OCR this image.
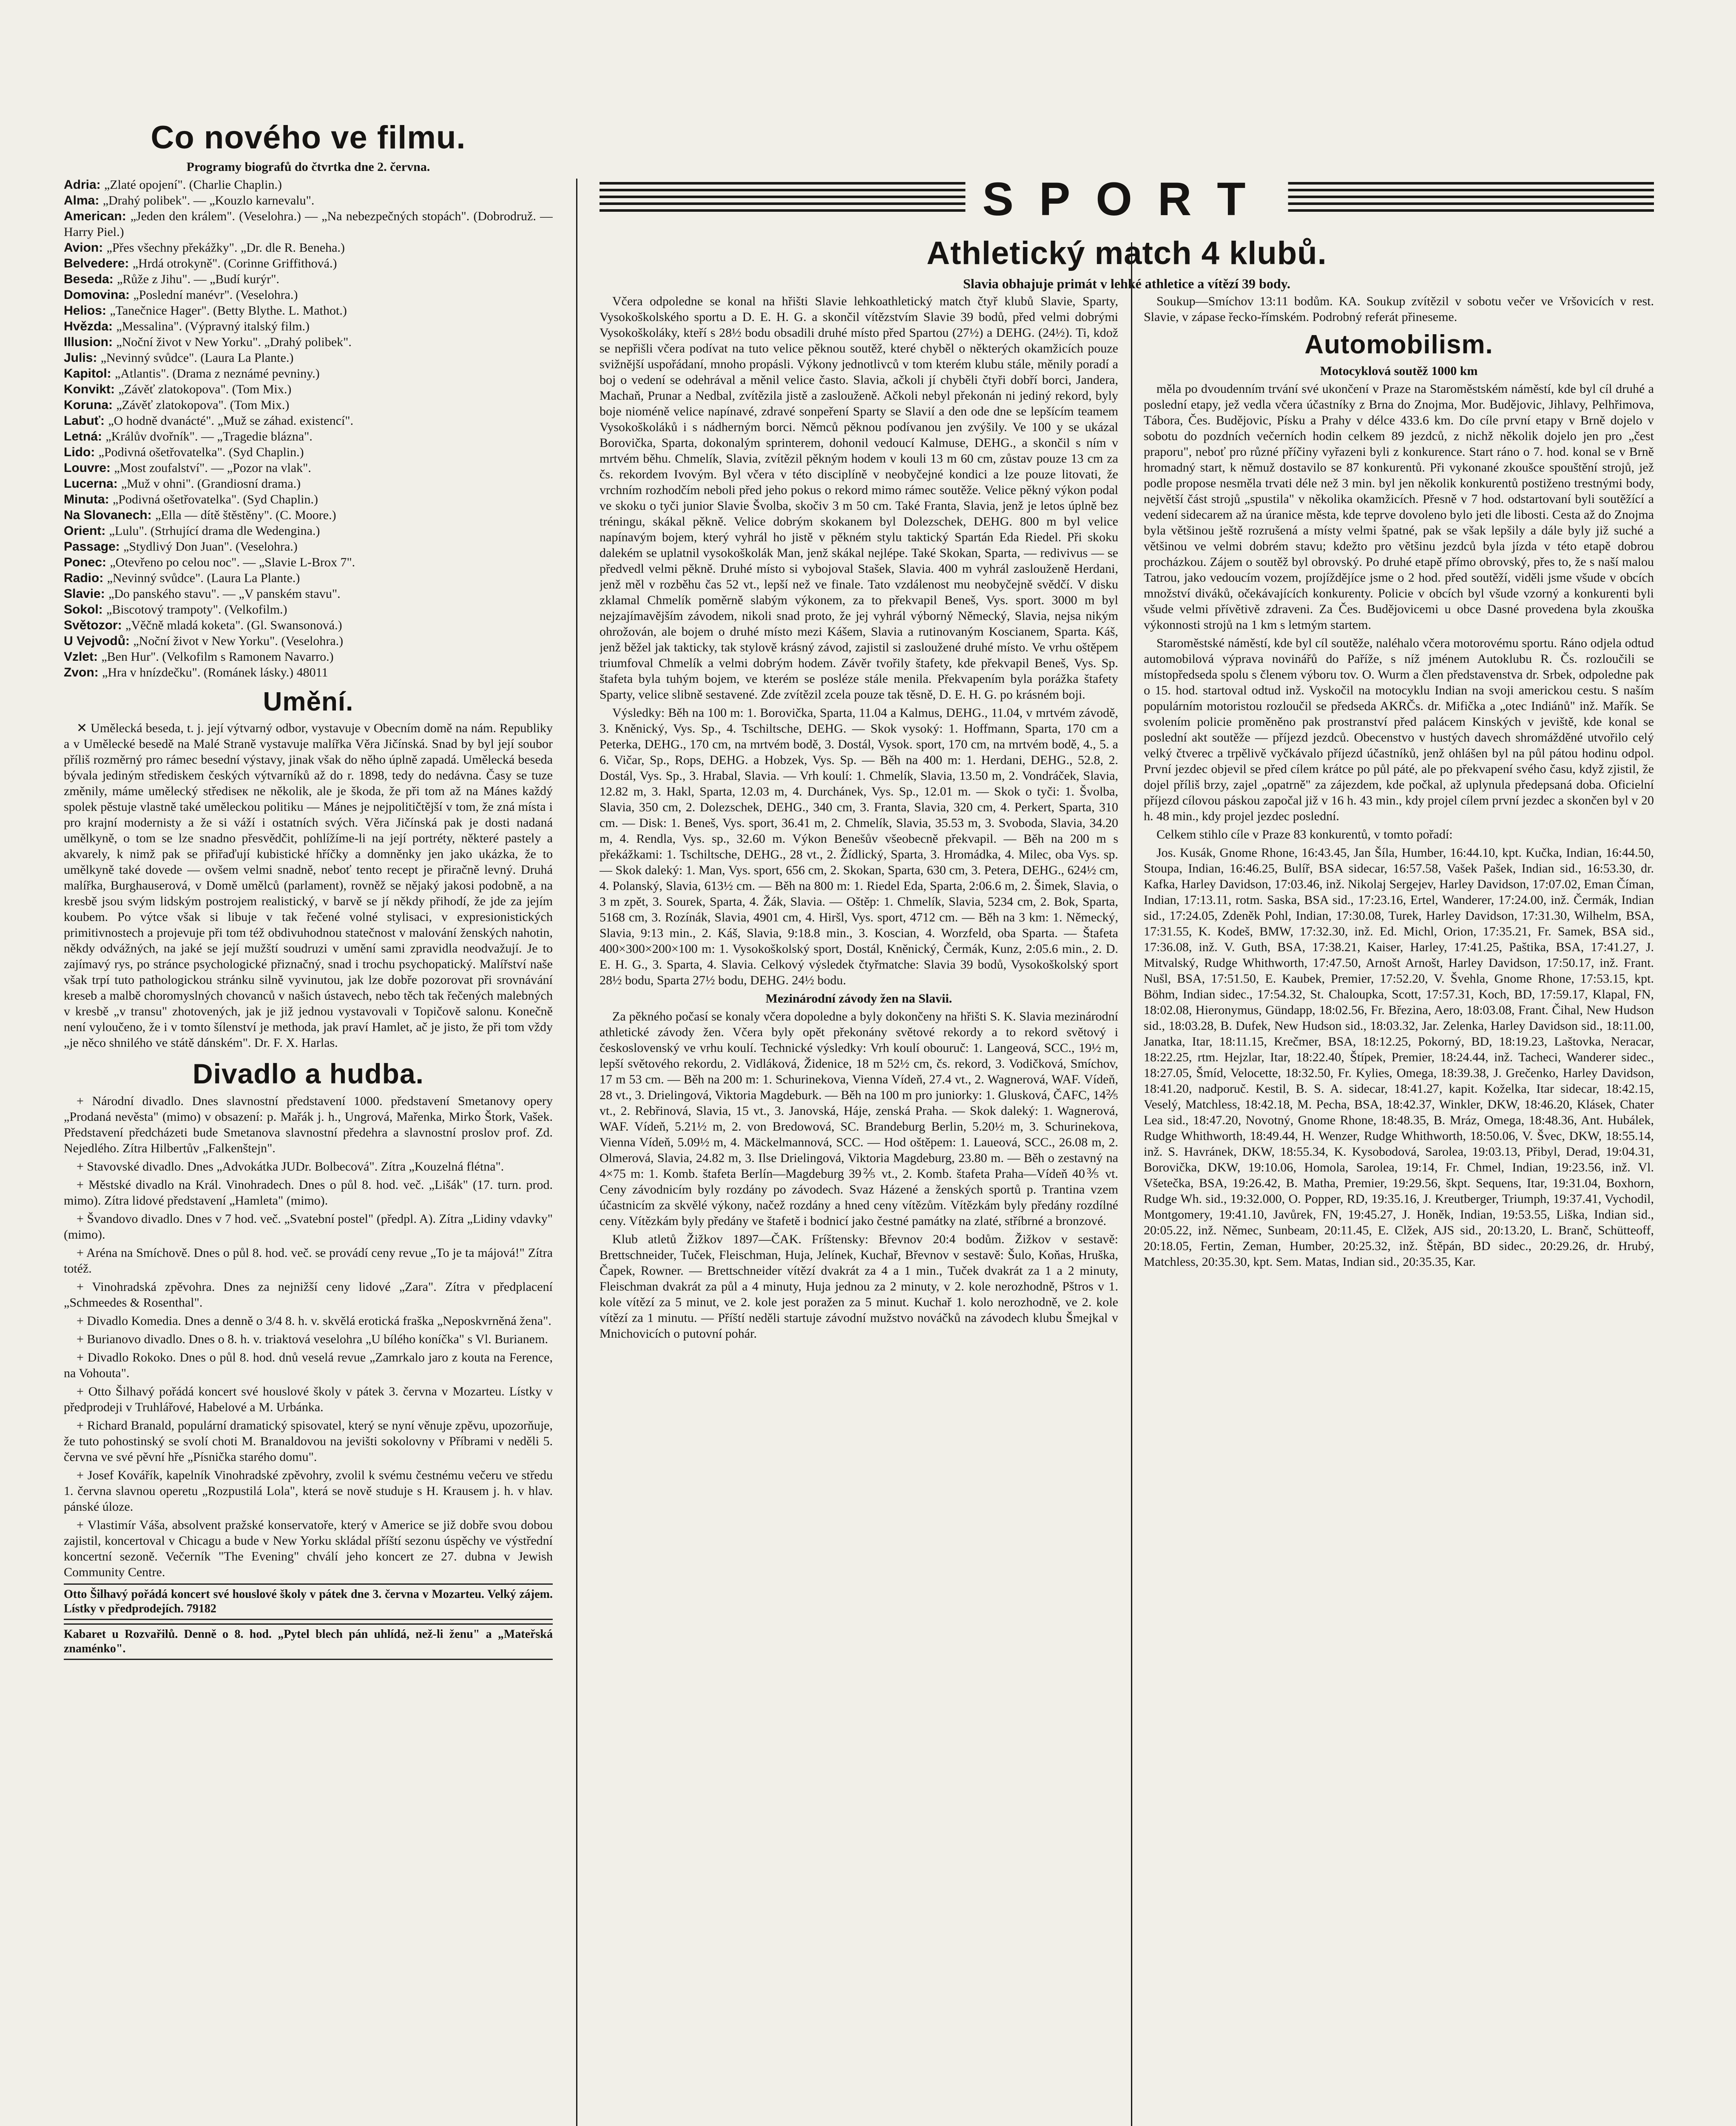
Co nového ve filmu.
Programy biografů do čtvrtka dne 2. června.
Adria: „Zlaté opojení". (Charlie Chaplin.)
Alma: „Drahý polibek". — „Kouzlo karnevalu".
American: „Jeden den králem". (Veselohra.) — „Na nebezpečných stopách". (Dobrodruž. — Harry Piel.)
Avion: „Přes všechny překážky". „Dr. dle R. Beneha.)
Belvedere: „Hrdá otrokyně". (Corinne Griffithová.)
Beseda: „Růže z Jihu". — „Budí kurýr".
Domovina: „Poslední manévr". (Veselohra.)
Helios: „Tanečnice Hager". (Betty Blythe. L. Mathot.)
Hvězda: „Messalina". (Výpravný italský film.)
Illusion: „Noční život v New Yorku". „Drahý polibek".
Julis: „Nevinný svůdce". (Laura La Plante.)
Kapitol: „Atlantis". (Drama z neznámé pevniny.)
Konvikt: „Závěť zlatokopova". (Tom Mix.)
Koruna: „Závěť zlatokopova". (Tom Mix.)
Labuť: „O hodně dvanácté". „Muž se záhad. existencí".
Letná: „Králův dvořník". — „Tragedie blázna".
Lido: „Podivná ošetřovatelka". (Syd Chaplin.)
Louvre: „Most zoufalství". — „Pozor na vlak".
Lucerna: „Muž v ohni". (Grandiosní drama.)
Minuta: „Podivná ošetřovatelka". (Syd Chaplin.)
Na Slovanech: „Ella — dítě štěstěny". (C. Moore.)
Orient: „Lulu". (Strhující drama dle Wedengina.)
Passage: „Stydlivý Don Juan". (Veselohra.)
Ponec: „Otevřeno po celou noc". — „Slavie L-Brox 7".
Radio: „Nevinný svůdce". (Laura La Plante.)
Slavie: „Do panského stavu". — „V panském stavu".
Sokol: „Biscotový trampoty". (Velkofilm.)
Světozor: „Věčně mladá koketa". (Gl. Swansonová.)
U Vejvodů: „Noční život v New Yorku". (Veselohra.)
Vzlet: „Ben Hur". (Velkofilm s Ramonem Navarro.)
Zvon: „Hra v hnízdečku". (Románek lásky.) 48011
Umění.

✕ Umělecká beseda, t. j. její výtvarný odbor, vystavuje v Obecním domě na nám. Republiky a v Umělecké besedě na Malé Straně vystavuje malířka Věra Jičínská. Snad by byl její soubor příliš rozměrný pro rámec besední výstavy, jinak však do něho úplně zapadá. Umělecká beseda bývala jediným střediskem českých výtvarníků až do r. 1898, tedy do nedávna. Časy se tuze změnily, máme umělecký střediseк ne několik, ale je škoda, že při tom až na Mánes každý spolek pěstuje vlastně také uměleckou politiku — Mánes je nejpolitičtější v tom, že zná místa i pro krajní modernisty a že si váží i ostatních svých. Věra Jičínská pak je dosti nadaná umělkyně, o tom se lze snadno přesvědčit, pohlížíme-li na její portréty, některé pastely a akvarely, k nimž pak se přiřaďují kubistické hříčky a domněnky jen jako ukázka, že to umělkyně také dovede — ovšem velmi snadně, neboť tento recept je přiračně levný. Druhá malířka, Burghauserová, v Domě umělců (parlament), rovněž se nějaký jakosi podobně, a na kresbě jsou svým lidským postrojem realistický, v barvě se jí někdy přihodí, že jde za jejím koubem. Po výtce však si libuje v tak řečené volné stylisaci, v expresionistických primitivnostech a projevuje při tom též obdivuhodnou statečnost v malování ženských nahotin, někdy odvážných, na jaké se její mužští soudruzi v umění sami zpravidla neodvažují. Je to zajímavý rys, po stránce psychologické přiznačný, snad i trochu psychopatický. Malířství naše však trpí tuto pathologickou stránku silně vyvinutou, jak lze dobře pozorovat při srovnávání kreseb a malbě choromyslných chovanců v našich ústavech, nebo těch tak řečených malebných v kresbě „v transu" zhotovených, jak je již jednou vystavovali v Topičově salonu. Konečně není vyloučeno, že i v tomto šílenství je methoda, jak praví Hamlet, ač je jisto, že při tom vždy „je něco shnilého ve státě dánském". Dr. F. X. Harlas.

Divadlo a hudba.

+ Národní divadlo. Dnes slavnostní představení 1000. představení Smetanovy opery „Prodaná nevěsta" (mimo) v obsazení: p. Mařák j. h., Ungrová, Mařenka, Mirko Štork, Vašek. Představení předcházeti bude Smetanova slavnostní předehra a slavnostní proslov prof. Zd. Nejedlého. Zítra Hilbertův „Falkenštejn".

+ Stavovské divadlo. Dnes „Advokátka JUDr. Bolbecová". Zítra „Kouzelná flétna".

+ Městské divadlo na Král. Vinohradech. Dnes o půl 8. hod. več. „Lišák" (17. turn. prod. mimo). Zítra lidové představení „Hamleta" (mimo).

+ Švandovo divadlo. Dnes v 7 hod. več. „Svatební postel" (předpl. A). Zítra „Lidiny vdavky" (mimo).

+ Aréna na Smíchově. Dnes o půl 8. hod. več. se provádí ceny revue „To je ta májová!" Zítra totéž.

+ Vinohradská zpěvohra. Dnes za nejnižší ceny lidové „Zara". Zítra v předplacení „Schmeedes & Rosenthal".

+ Divadlo Komedia. Dnes a denně o 3/4 8. h. v. skvělá erotická fraška „Neposkvrněná žena".

+ Burianovo divadlo. Dnes o 8. h. v. triaktová veselohra „U bílého koníčka" s Vl. Burianem.

+ Divadlo Rokoko. Dnes o půl 8. hod. dnů veselá revue „Zamrkalo jaro z kouta na Ference, na Vohouta".

+ Otto Šilhavý pořádá koncert své houslové školy v pátek 3. června v Mozarteu. Lístky v předprodeji v Truhlářové, Habelové a M. Urbánka.

+ Richard Branald, populární dramatický spisovatel, který se nyní věnuje zpěvu, upozorňuje, že tuto pohostinský se svolí choti M. Branaldovou na jevišti sokolovny v Příbrami v neděli 5. června ve své pěvní hře „Písnička starého domu".

+ Josef Kovářík, kapelník Vinohradské zpěvohry, zvolil k svému čestnému večeru ve středu 1. června slavnou operetu „Rozpustilá Lola", která se nově studuje s H. Krausem j. h. v hlav. pánské úloze.

+ Vlastimír Váša, absolvent pražské konservatoře, který v Americe se již dobře svou dobou zajistil, koncertoval v Chicagu a bude v New Yorku skládal příští sezonu úspěchy ve výstřední koncertní sezoně. Večerník "The Evening" chválí jeho koncert ze 27. dubna v Jewish Community Centre.

Otto Šilhavý pořádá koncert své houslové školy v pátek dne 3. června v Mozarteu. Velký zájem. Lístky v předprodejích. 79182
Kabaret u Rozvařilů. Denně o 8. hod. „Pytel blech pán uhlídá, než-li ženu" a „Mateřská znaménko".
SPORT
Athletický match 4 klubů.
Slavia obhajuje primát v lehké athletice a vítězí 39 body.

Včera odpoledne se konal na hřišti Slavie lehkoathletický match čtyř klubů Slavie, Sparty, Vysokoškolského sportu a D. E. H. G. a skončil vítězstvím Slavie 39 bodů, před velmi dobrými Vysokoškoláky, kteří s 28½ bodu obsadili druhé místo před Spartou (27½) a DEHG. (24½). Ti, kdož se nepřišli včera podívat na tuto velice pěknou soutěž, které chyběl o některých okamžicích pouze svižnější uspořádaní, mnoho propásli. Výkony jednotlivců v tom kterém klubu stále, měnily poradí a boj o vedení se odehrával a měnil velice často. Slavia, ačkoli jí chyběli čtyři dobří borci, Jandera, Machaň, Prunar a Nedbal, zvítězila jistě a zaslouženě. Ačkoli nebyl překonán ni jediný rekord, byly boje nioméně velice napínavé, zdravé sonpeření Sparty se Slavií a den ode dne se lepšícím teamem Vysokoškoláků i s nádherným borci. Němců pěknou podívanou jen zvýšily. Ve 100 y se ukázal Borovička, Sparta, dokonalým sprinterem, dohonil vedoucí Kalmuse, DEHG., a skončil s ním v mrtvém běhu. Chmelík, Slavia, zvítězil pěkným hodem v kouli 13 m 60 cm, zůstav pouze 13 cm za čs. rekordem Ivovým. Byl včera v této disciplíně v neobyčejné kondici a lze pouze litovati, že vrchním rozhodčím neboli před jeho pokus o rekord mimo rámec soutěže. Velice pěkný výkon podal ve skoku o tyči junior Slavie Švolba, skočiv 3 m 50 cm. Také Franta, Slavia, jenž je letos úplně bez tréningu, skákal pěkně. Velice dobrým skokanem byl Dolezschek, DEHG. 800 m byl velice napínavým bojem, který vyhrál ho jistě v pěkném stylu taktický Spartán Eda Riedel. Při skoku dalekém se uplatnil vysokoškolák Man, jenž skákal nejlépe. Také Skokan, Sparta, — redivivus — se předvedl velmi pěkně. Druhé místo si vybojoval Stašek, Slavia. 400 m vyhrál zaslouženě Herdani, jenž měl v rozběhu čas 52 vt., lepší než ve finale. Tato vzdálenost mu neobyčejně svědčí. V disku zklamal Chmelík poměrně slabým výkonem, za to překvapil Beneš, Vys. sport. 3000 m byl nejzajímavějším závodem, nikoli snad proto, že jej vyhrál výborný Německý, Slavia, nejsa nikým ohrožován, ale bojem o druhé místo mezi Kášem, Slavia a rutinovaným Koscianem, Sparta. Káš, jenž běžel jak takticky, tak stylově krásný závod, zajistil si zasloužené druhé místo. Ve vrhu oštěpem triumfoval Chmelík a velmi dobrým hodem. Závěr tvořily štafety, kde překvapil Beneš, Vys. Sp. štafeta byla tuhým bojem, ve kterém se posléze stále menila. Překvapením byla porážka štafety Sparty, velice slibně sestavené. Zde zvítězil zcela pouze tak těsně, D. E. H. G. po krásném boji.

Výsledky: Běh na 100 m: 1. Borovička, Sparta, 11.04 a Kalmus, DEHG., 11.04, v mrtvém závodě, 3. Kněnický, Vys. Sp., 4. Tschiltsche, DEHG. — Skok vysoký: 1. Hoffmann, Sparta, 170 cm a Peterka, DEHG., 170 cm, na mrtvém bodě, 3. Dostál, Vysok. sport, 170 cm, na mrtvém bodě, 4., 5. a 6. Vičar, Sp., Rops, DEHG. a Hobzek, Vys. Sp. — Běh na 400 m: 1. Herdani, DEHG., 52.8, 2. Dostál, Vys. Sp., 3. Hrabal, Slavia. — Vrh koulí: 1. Chmelík, Slavia, 13.50 m, 2. Vondráček, Slavia, 12.82 m, 3. Hakl, Sparta, 12.03 m, 4. Durchánek, Vys. Sp., 12.01 m. — Skok o tyči: 1. Švolba, Slavia, 350 cm, 2. Dolezschek, DEHG., 340 cm, 3. Franta, Slavia, 320 cm, 4. Perkert, Sparta, 310 cm. — Disk: 1. Beneš, Vys. sport, 36.41 m, 2. Chmelík, Slavia, 35.53 m, 3. Svoboda, Slavia, 34.20 m, 4. Rendla, Vys. sp., 32.60 m. Výkon Benešův všeobecně překvapil. — Běh na 200 m s překážkami: 1. Tschiltsche, DEHG., 28 vt., 2. Žídlický, Sparta, 3. Hromádka, 4. Milec, oba Vys. sp. — Skok daleký: 1. Man, Vys. sport, 656 cm, 2. Skokan, Sparta, 630 cm, 3. Petera, DEHG., 624½ cm, 4. Polanský, Slavia, 613½ cm. — Běh na 800 m: 1. Riedel Eda, Sparta, 2:06.6 m, 2. Šimek, Slavia, o 3 m zpět, 3. Sourek, Sparta, 4. Žák, Slavia. — Oštěp: 1. Chmelík, Slavia, 5234 cm, 2. Bok, Sparta, 5168 cm, 3. Rozínák, Slavia, 4901 cm, 4. Hiršl, Vys. sport, 4712 cm. — Běh na 3 km: 1. Německý, Slavia, 9:13 min., 2. Káš, Slavia, 9:18.8 min., 3. Koscian, 4. Worzfeld, oba Sparta. — Štafeta 400×300×200×100 m: 1. Vysokoškolský sport, Dostál, Kněnický, Čermák, Kunz, 2:05.6 min., 2. D. E. H. G., 3. Sparta, 4. Slavia. Celkový výsledek čtyřmatche: Slavia 39 bodů, Vysokoškolský sport 28½ bodu, Sparta 27½ bodu, DEHG. 24½ bodu.

Mezinárodní závody žen na Slavii.

Za pěkného počasí se konaly včera dopoledne a byly dokončeny na hřišti S. K. Slavia mezinárodní athletické závody žen. Včera byly opět překonány světové rekordy a to rekord světový i československý ve vrhu koulí. Technické výsledky: Vrh koulí obouruč: 1. Langeová, SCC., 19½ m, lepší světového rekordu, 2. Vidláková, Židenice, 18 m 52½ cm, čs. rekord, 3. Vodičková, Smíchov, 17 m 53 cm. — Běh na 200 m: 1. Schurinekova, Vienna Vídeň, 27.4 vt., 2. Wagnerová, WAF. Vídeň, 28 vt., 3. Drielingová, Viktoria Magdeburk. — Běh na 100 m pro juniorky: 1. Glusková, ČAFC, 14⅖ vt., 2. Rebřinová, Slavia, 15 vt., 3. Janovská, Háje, zenská Praha. — Skok daleký: 1. Wagnerová, WAF. Vídeň, 5.21½ m, 2. von Bredowová, SC. Brandeburg Berlin, 5.20½ m, 3. Schurinekova, Vienna Vídeň, 5.09½ m, 4. Mäckelmannová, SCC. — Hod oštěpem: 1. Laueová, SCC., 26.08 m, 2. Olmerová, Slavia, 24.82 m, 3. Ilse Drielingová, Viktoria Magdeburg, 23.80 m. — Běh o zestavný na 4×75 m: 1. Komb. štafeta Berlín—Magdeburg 39⅖ vt., 2. Komb. štafeta Praha—Vídeň 40⅗ vt. Ceny závodnicím byly rozdány po závodech. Svaz Házené a ženských sportů p. Trantina vzem účastnicím za skvělé výkony, načež rozdány a hned ceny vítězům. Vítězkám byly předány rozdílné ceny. Vítězkám byly předány ve štafetě i bodnicí jako čestné památky na zlaté, stříbrné a bronzové.

Klub atletů Žižkov 1897—ČAK. Fríštensky: Břevnov 20:4 bodům. Žižkov v sestavě: Brettschneider, Tuček, Fleischman, Huja, Jelínek, Kuchař, Břevnov v sestavě: Šulo, Koňas, Hruška, Čapek, Rowner. — Brettschneider vítězí dvakrát za 4 a 1 min., Tuček dvakrát za 1 a 2 minuty, Fleischman dvakrát za půl a 4 minuty, Huja jednou za 2 minuty, v 2. kole nerozhodně, Pštros v 1. kole vítězí za 5 minut, ve 2. kole jest poražen za 5 minut. Kuchař 1. kolo nerozhodně, ve 2. kole vítězí za 1 minutu. — Příští neděli startuje závodní mužstvo nováčků na závodech klubu Šmejkal v Mnichovicích o putovní pohár.

Soukup—Smíchov 13:11 bodům. KA. Soukup zvítězil v sobotu večer ve Vršovicích v rest. Slavie, v zápase řecko-římském. Podrobný referát přineseme.

Automobilism.
Motocyklová soutěž 1000 km

měla po dvoudenním trvání své ukončení v Praze na Staroměstském náměstí, kde byl cíl druhé a poslední etapy, jež vedla včera účastníky z Brna do Znojma, Mor. Budějovic, Jihlavy, Pelhřimova, Tábora, Čes. Budějovic, Písku a Prahy v délce 433.6 km. Do cíle první etapy v Brně dojelo v sobotu do pozdních večerních hodin celkem 89 jezdců, z nichž několik dojelo jen pro „čest praporu", neboť pro různé příčiny vyřazeni byli z konkurence. Start ráno o 7. hod. konal se v Brně hromadný start, k němuž dostavilo se 87 konkurentů. Při vykonané zkoušce spouštění strojů, jež podle propose nesměla trvati déle než 3 min. byl jen několik konkurentů postiženo trestnými body, největší část strojů „spustila" v několika okamžicích. Přesně v 7 hod. odstartovaní byli soutěžící a vedení sidecarem až na úranice města, kde teprve dovoleno bylo jeti dle libosti. Cesta až do Znojma byla většinou ještě rozrušená a místy velmi špatné, pak se však lepšily a dále byly již suché a většinou ve velmi dobrém stavu; kdežto pro většinu jezdců byla jízda v této etapě dobrou procházkou. Zájem o soutěž byl obrovský. Po druhé etapě přímo obrovský, přes to, že s naší malou Tatrou, jako vedoucím vozem, projíždějíce jsme o 2 hod. před soutěží, viděli jsme všude v obcích množství diváků, očekávajících konkurenty. Policie v obcích byl všude vzorný a konkurenti byli všude velmi přívětivě zdraveni. Za Čes. Budějovicemi u obce Dasné provedena byla zkouška výkonnosti strojů na 1 km s letmým startem.

Staroměstské náměstí, kde byl cíl soutěže, naléhalo včera motorovému sportu. Ráno odjela odtud automobilová výprava novinářů do Paříže, s níž jménem Autoklubu R. Čs. rozloučili se místopředseda spolu s členem výboru tov. O. Wurm a člen představenstva dr. Srbek, odpoledne pak o 15. hod. startoval odtud inž. Vyskočil na motocyklu Indian na svoji americkou cestu. S naším populárním motoristou rozloučil se předseda AKRČs. dr. Mifička a „otec Indiánů" inž. Mařík. Se svolením policie proměněno pak prostranství před palácem Kinských v jeviště, kde konal se poslední akt soutěže — příjezd jezdců. Obecenstvo v hustých davech shromážděné utvořilo celý velký čtverec a trpělivě vyčkávalo příjezd účastníků, jenž ohlášen byl na půl pátou hodinu odpol. První jezdec objevil se před cílem krátce po půl páté, ale po překvapení svého času, když zjistil, že dojel příliš brzy, zajel „opatrně" za zájezdem, kde počkal, až uplynula předepsaná doba. Oficielní příjezd cílovou páskou započal již v 16 h. 43 min., kdy projel cílem první jezdec a skončen byl v 20 h. 48 min., kdy projel jezdec poslední.

Celkem stihlo cíle v Praze 83 konkurentů, v tomto pořadí:

Jos. Kusák, Gnome Rhone, 16:43.45, Jan Šíla, Humber, 16:44.10, kpt. Kučka, Indian, 16:44.50, Stoupa, Indian, 16:46.25, Bulíř, BSA sidecar, 16:57.58, Vašek Pašek, Indian sid., 16:53.30, dr. Kafka, Harley Davidson, 17:03.46, inž. Nikolaj Sergejev, Harley Davidson, 17:07.02, Eman Číman, Indian, 17:13.11, rotm. Saska, BSA sid., 17:23.16, Ertel, Wanderer, 17:24.00, inž. Čermák, Indian sid., 17:24.05, Zdeněk Pohl, Indian, 17:30.08, Turek, Harley Davidson, 17:31.30, Wilhelm, BSA, 17:31.55, K. Kodeš, BMW, 17:32.30, inž. Ed. Michl, Orion, 17:35.21, Fr. Samek, BSA sid., 17:36.08, inž. V. Guth, BSA, 17:38.21, Kaiser, Harley, 17:41.25, Paštika, BSA, 17:41.27, J. Mitvalský, Rudge Whithworth, 17:47.50, Arnošt Arnošt, Harley Davidson, 17:50.17, inž. Frant. Nušl, BSA, 17:51.50, E. Kaubek, Premier, 17:52.20, V. Švehla, Gnome Rhone, 17:53.15, kpt. Böhm, Indian sidec., 17:54.32, St. Chaloupka, Scott, 17:57.31, Koch, BD, 17:59.17, Klapal, FN, 18:02.08, Hieronymus, Gündapp, 18:02.56, Fr. Březina, Aero, 18:03.08, Frant. Čihal, New Hudson sid., 18:03.28, B. Dufek, New Hudson sid., 18:03.32, Jar. Zelenka, Harley Davidson sid., 18:11.00, Janatka, Itar, 18:11.15, Krečmer, BSA, 18:12.25, Pokorný, BD, 18:19.23, Laštovka, Neracar, 18:22.25, rtm. Hejzlar, Itar, 18:22.40, Štípek, Premier, 18:24.44, inž. Tacheci, Wanderer sidec., 18:27.05, Šmíd, Velocette, 18:32.50, Fr. Kylies, Omega, 18:39.38, J. Grečenko, Harley Davidson, 18:41.20, nadporuč. Kestil, B. S. A. sidecar, 18:41.27, kapit. Koželka, Itar sidecar, 18:42.15, Veselý, Matchless, 18:42.18, M. Pecha, BSA, 18:42.37, Winkler, DKW, 18:46.20, Klásek, Chater Lea sid., 18:47.20, Novotný, Gnome Rhone, 18:48.35, B. Mráz, Omega, 18:48.36, Ant. Hubálek, Rudge Whithworth, 18:49.44, H. Wenzer, Rudge Whithworth, 18:50.06, V. Švec, DKW, 18:55.14, inž. S. Havránek, DKW, 18:55.34, K. Kysobodová, Sarolea, 19:03.13, Přibyl, Derad, 19:04.31, Borovička, DKW, 19:10.06, Homola, Sarolea, 19:14, Fr. Chmel, Indian, 19:23.56, inž. Vl. Všetečka, BSA, 19:26.42, B. Matha, Premier, 19:29.56, škpt. Sequens, Itar, 19:31.04, Boxhorn, Rudge Wh. sid., 19:32.000, O. Popper, RD, 19:35.16, J. Kreutberger, Triumph, 19:37.41, Vychodil, Montgomery, 19:41.10, Javůrek, FN, 19:45.27, J. Honěk, Indian, 19:53.55, Liška, Indian sid., 20:05.22, inž. Němec, Sunbeam, 20:11.45, E. Clžek, AJS sid., 20:13.20, L. Branč, Schütteoff, 20:18.05, Fertin, Zeman, Humber, 20:25.32, inž. Štěpán, BD sidec., 20:29.26, dr. Hrubý, Matchless, 20:35.30, kpt. Sem. Matas, Indian sid., 20:35.35, Kar.
